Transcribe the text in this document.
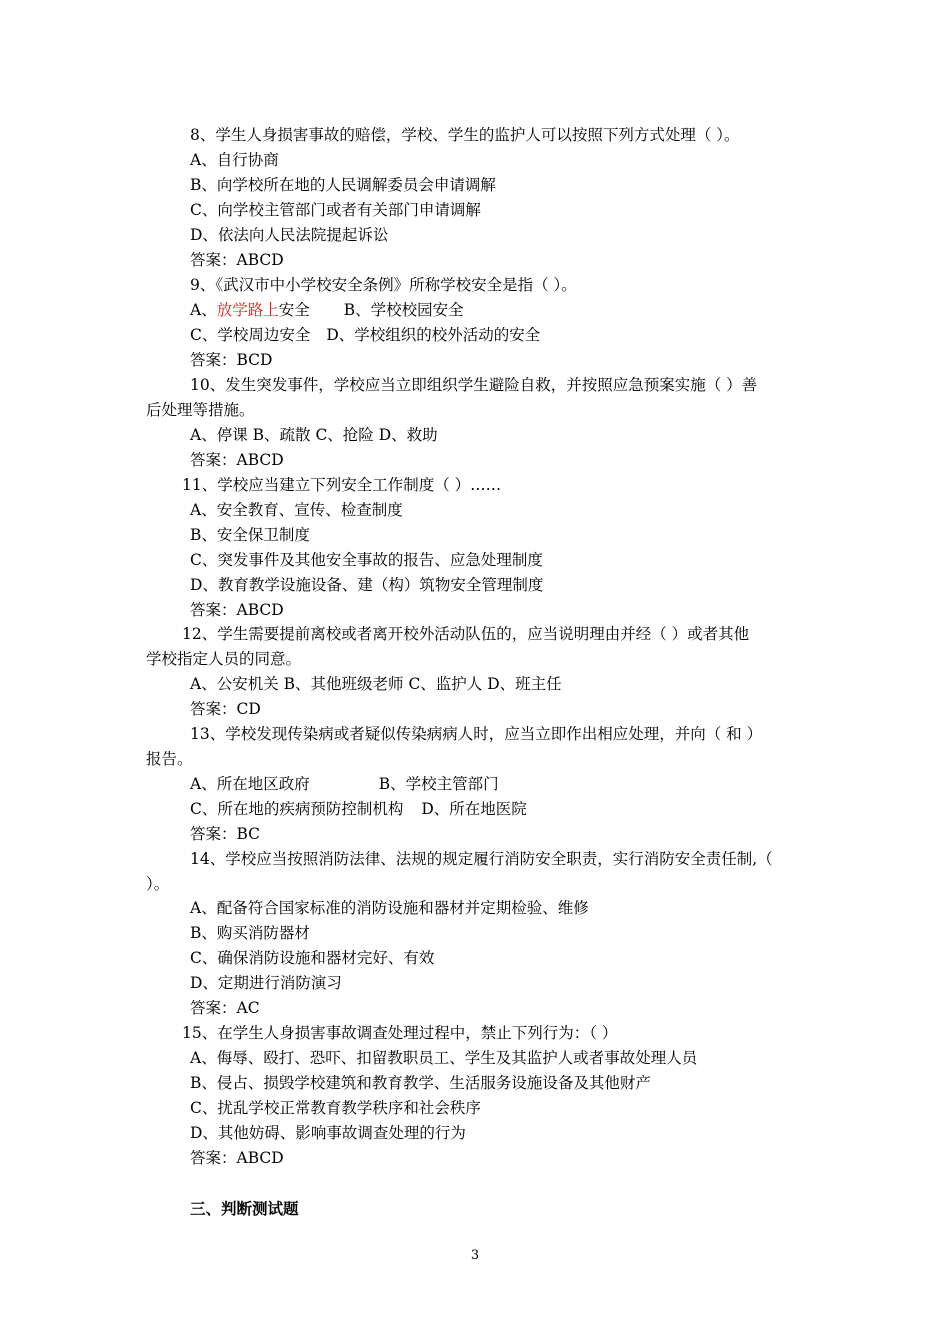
8、学生人身损害事故的赔偿，学校、学生的监护人可以按照下列方式处理（ ）。
A、自行协商
B、向学校所在地的人民调解委员会申请调解
C、向学校主管部门或者有关部门申请调解
D、依法向人民法院提起诉讼
答案：ABCD
9、《武汉市中小学校安全条例》所称学校安全是指（ ）。
A、放学路上安全 B、学校校园安全
C、学校周边安全 D、学校组织的校外活动的安全
答案：BCD
10、发生突发事件，学校应当立即组织学生避险自救，并按照应急预案实施（ ）善
后处理等措施。
A、停课 B、疏散 C、抢险 D、救助
答案：ABCD
11、学校应当建立下列安全工作制度（ ）……
A、安全教育、宣传、检查制度
B、安全保卫制度
C、突发事件及其他安全事故的报告、应急处理制度
D、教育教学设施设备、建（构）筑物安全管理制度
答案：ABCD
12、学生需要提前离校或者离开校外活动队伍的，应当说明理由并经（ ）或者其他
学校指定人员的同意。
A、公安机关 B、其他班级老师 C、监护人 D、班主任
答案：CD
13、学校发现传染病或者疑似传染病病人时，应当立即作出相应处理，并向（ 和 ）
报告。
A、所在地区政府	B、学校主管部门
C、所在地的疾病预防控制机构 D、所在地医院
答案：BC
14、学校应当按照消防法律、法规的规定履行消防安全职责，实行消防安全责任制,（
）。
A、配备符合国家标准的消防设施和器材并定期检验、维修
B、购买消防器材
C、确保消防设施和器材完好、有效
D、定期进行消防演习
答案：AC
15、在学生人身损害事故调查处理过程中，禁止下列行为：（ ）
A、侮辱、殴打、恐吓、扣留教职员工、学生及其监护人或者事故处理人员
B、侵占、损毁学校建筑和教育教学、生活服务设施设备及其他财产
C、扰乱学校正常教育教学秩序和社会秩序
D、其他妨碍、影响事故调查处理的行为
答案：ABCD
三、判断测试题
3
